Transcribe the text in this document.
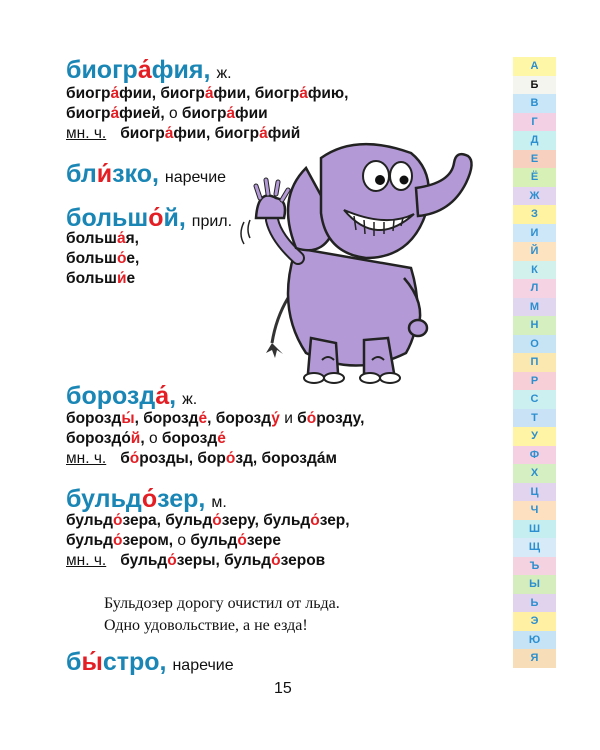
биогра́фия, ж.
биогра́фии, биогра́фии, биогра́фию,
биогра́фией, о биогра́фии
мн. ч. биогра́фии, биогра́фий
бли́зко, наречие
большо́й, прил.
больша́я,
большо́е,
больши́е
борозда́, ж.
борозды́, борозде́, борозду́ и бо́розду,
бороздо́й, о борозде́
мн. ч. бо́розды, боро́зд, бороздáм
бульдо́зер, м.
бульдо́зера, бульдо́зеру, бульдо́зер,
бульдо́зером, о бульдо́зере
мн. ч. бульдо́зеры, бульдо́зеров
Бульдозер дорогу очистил от льда.
Одно удовольствие, а не езда!
бы́стро, наречие
15
А
Б
В
Г
Д
Е
Ё
Ж
З
И
Й
К
Л
М
Н
О
П
Р
С
Т
У
Ф
Х
Ц
Ч
Ш
Щ
Ъ
Ы
Ь
Э
Ю
Я
